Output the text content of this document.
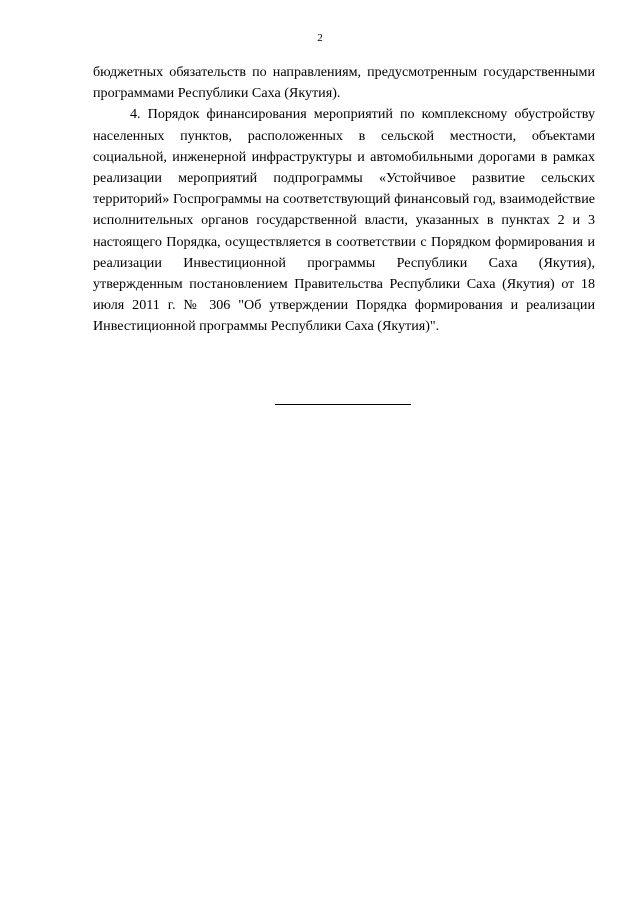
2

бюджетных обязательств по направлениям, предусмотренным государственными программами Республики Саха (Якутия).

4. Порядок финансирования мероприятий по комплексному обустройству населенных пунктов, расположенных в сельской местности, объектами социальной, инженерной инфраструктуры и автомобильными дорогами в рамках реализации мероприятий подпрограммы «Устойчивое развитие сельских территорий» Госпрограммы на соответствующий финансовый год, взаимодействие исполнительных органов государственной власти, указанных в пунктах 2 и 3 настоящего Порядка, осуществляется в соответствии с Порядком формирования и реализации Инвестиционной программы Республики Саха (Якутия), утвержденным постановлением Правительства Республики Саха (Якутия) от 18 июля 2011 г. № 306 "Об утверждении Порядка формирования и реализации Инвестиционной программы Республики Саха (Якутия)".
